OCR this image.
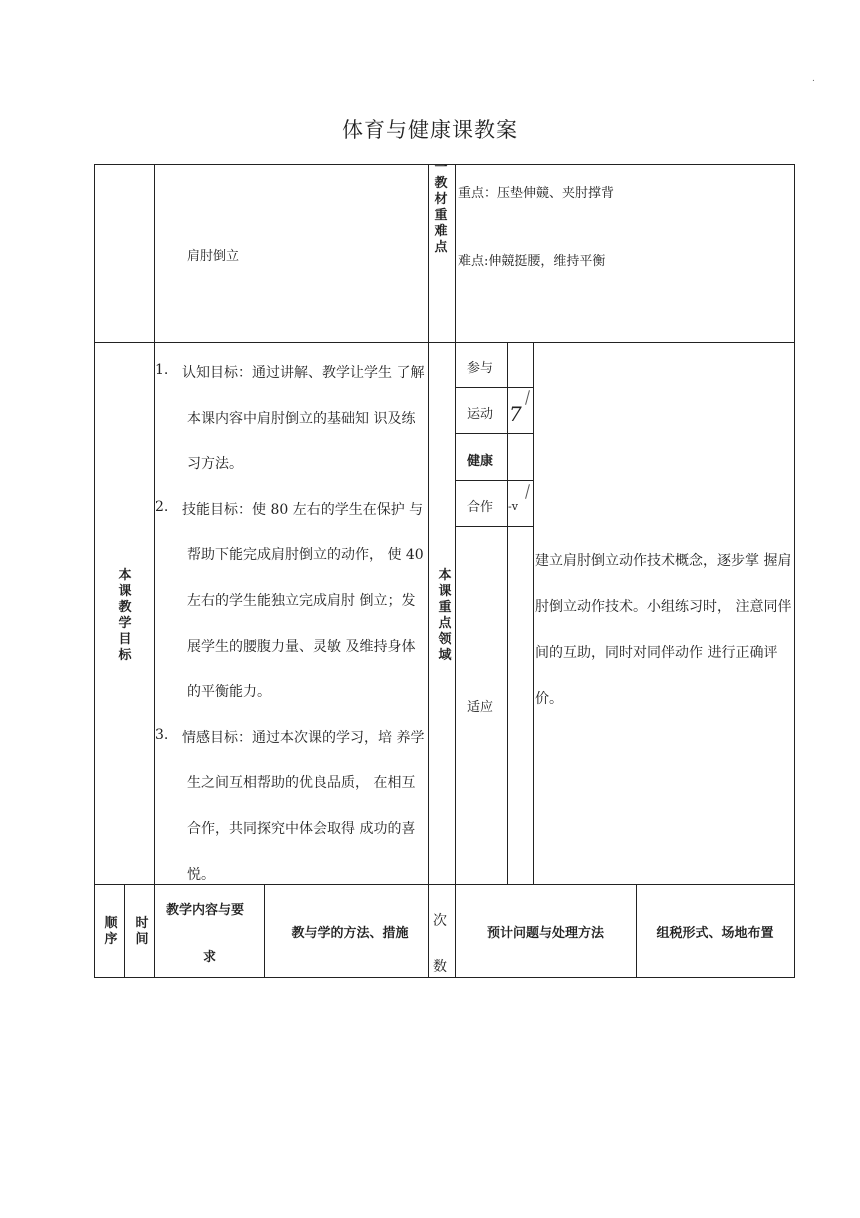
.
体育与健康课教案
肩肘倒立
一教材重难点
重点：压垫伸竸、夹肘撑背
难点:伸競挺腰，维持平衡
本课教学目标
1. 认知目标：通过讲解、教学让学生 了解
本课内容中肩肘倒立的基础知 识及练
习方法。
2. 技能目标：使 80 左右的学生在保护 与
帮助下能完成肩肘倒立的动作， 使 40
左右的学生能独立完成肩肘 倒立；发
展学生的腰腹力量、灵敏 及维持身体
的平衡能力。
3. 情感目标：通过本次课的学习，培 养学
生之间互相帮助的优良品质， 在相互
合作，共同探究中体会取得 成功的喜
悦。
本课重点领域
参与
运动
健康
合作
适应
7
-v
建立肩肘倒立动作技术概念，逐步掌 握肩
肘倒立动作技术。小组练习时， 注意同伴
间的互助，同时对同伴动作 进行正确评
价。
顺序
时间
教学内容与要
求
教与学的方法、措施
次数
预计问题与处理方法	组税形式、场地布置
